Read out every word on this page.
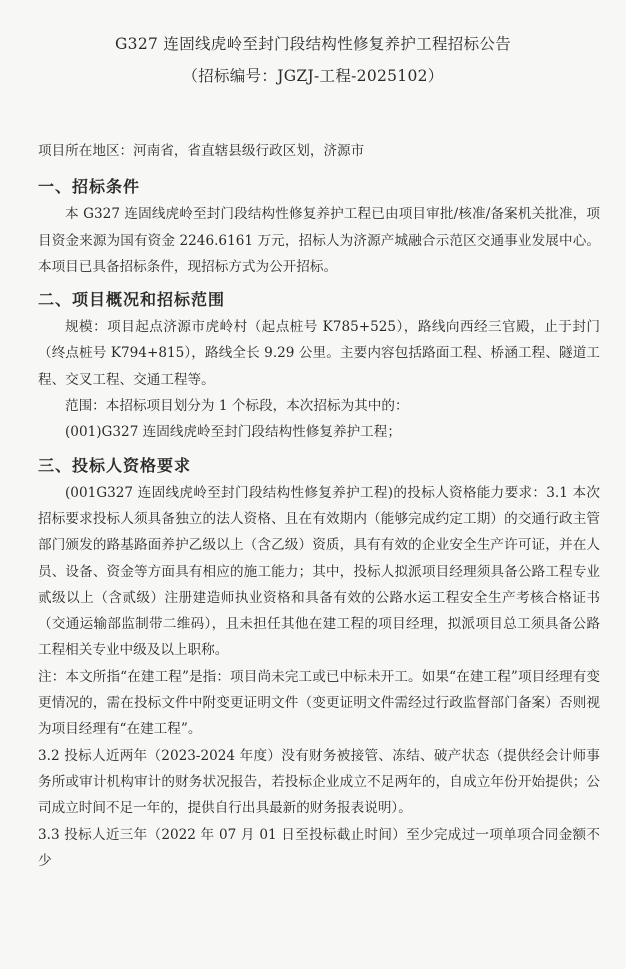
G327 连固线虎岭至封门段结构性修复养护工程招标公告
（招标编号：JGZJ-工程-2025102）

项目所在地区：河南省，省直辖县级行政区划，济源市

一、招标条件

本 G327 连固线虎岭至封门段结构性修复养护工程已由项目审批/核准/备案机关批准，项目资金来源为国有资金 2246.6161 万元，招标人为济源产城融合示范区交通事业发展中心。本项目已具备招标条件，现招标方式为公开招标。

二、项目概况和招标范围

规模：项目起点济源市虎岭村（起点桩号 K785+525），路线向西经三官殿，止于封门（终点桩号 K794+815），路线全长 9.29 公里。主要内容包括路面工程、桥涵工程、隧道工程、交叉工程、交通工程等。

范围：本招标项目划分为 1 个标段，本次招标为其中的：

(001)G327 连固线虎岭至封门段结构性修复养护工程；

三、投标人资格要求

(001G327 连固线虎岭至封门段结构性修复养护工程)的投标人资格能力要求：3.1 本次招标要求投标人须具备独立的法人资格、且在有效期内（能够完成约定工期）的交通行政主管部门颁发的路基路面养护乙级以上（含乙级）资质，具有有效的企业安全生产许可证，并在人员、设备、资金等方面具有相应的施工能力；其中，投标人拟派项目经理须具备公路工程专业贰级以上（含贰级）注册建造师执业资格和具备有效的公路水运工程安全生产考核合格证书（交通运输部监制带二维码），且未担任其他在建工程的项目经理，拟派项目总工须具备公路工程相关专业中级及以上职称。

注：本文所指“在建工程”是指：项目尚未完工或已中标未开工。如果“在建工程”项目经理有变更情况的，需在投标文件中附变更证明文件（变更证明文件需经过行政监督部门备案）否则视为项目经理有“在建工程”。

3.2 投标人近两年（2023-2024 年度）没有财务被接管、冻结、破产状态（提供经会计师事务所或审计机构审计的财务状况报告，若投标企业成立不足两年的，自成立年份开始提供；公司成立时间不足一年的，提供自行出具最新的财务报表说明）。

3.3 投标人近三年（2022 年 07 月 01 日至投标截止时间）至少完成过一项单项合同金额不少
